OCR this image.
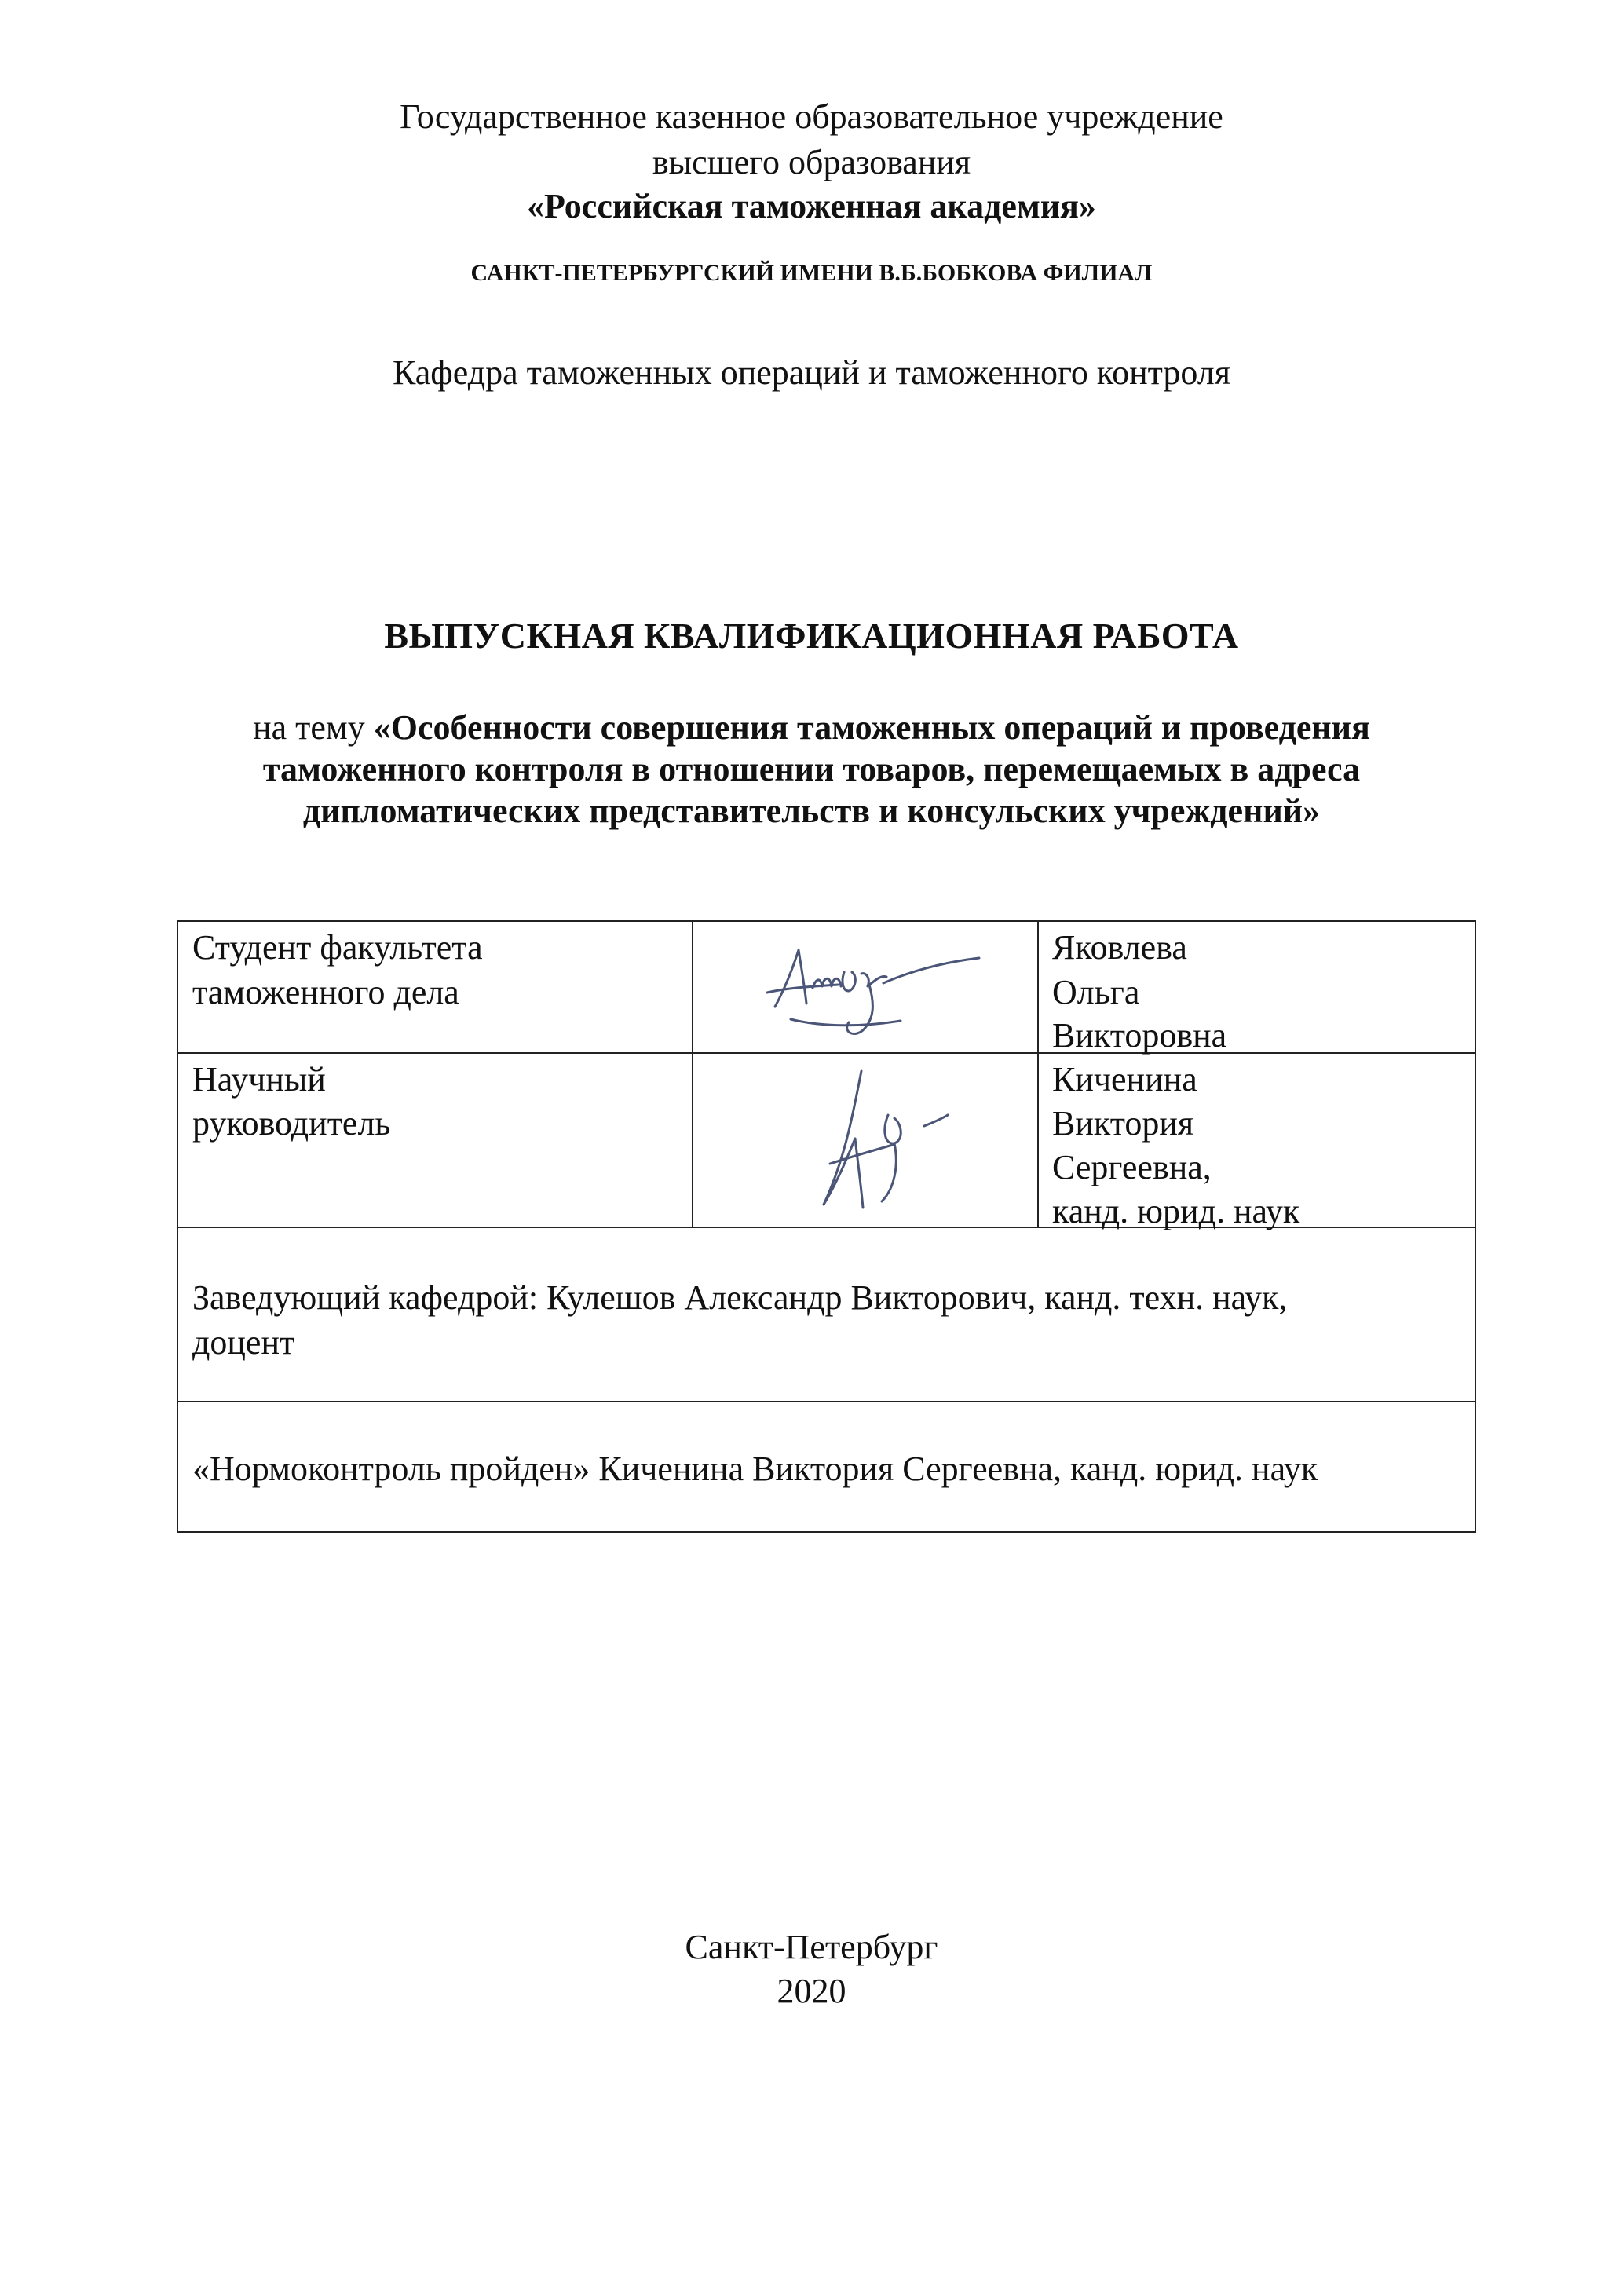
Государственное казенное образовательное учреждение
высшего образования
«Российская таможенная академия»
САНКТ-ПЕТЕРБУРГСКИЙ ИМЕНИ В.Б.БОБКОВА ФИЛИАЛ
Кафедра таможенных операций и таможенного контроля
ВЫПУСКНАЯ КВАЛИФИКАЦИОННАЯ РАБОТА
на тему «Особенности совершения таможенных операций и проведения
таможенного контроля в отношении товаров, перемещаемых в адреса
дипломатических представительств и консульских учреждений»
Студент факультета
таможенного дела
Яковлева
Ольга
Викторовна
Научный
руководитель
Киченина
Виктория
Сергеевна,
канд. юрид. наук
Заведующий кафедрой: Кулешов Александр Викторович, канд. техн. наук,
доцент
«Нормоконтроль пройден» Киченина Виктория Сергеевна, канд. юрид. наук
Санкт-Петербург
2020
